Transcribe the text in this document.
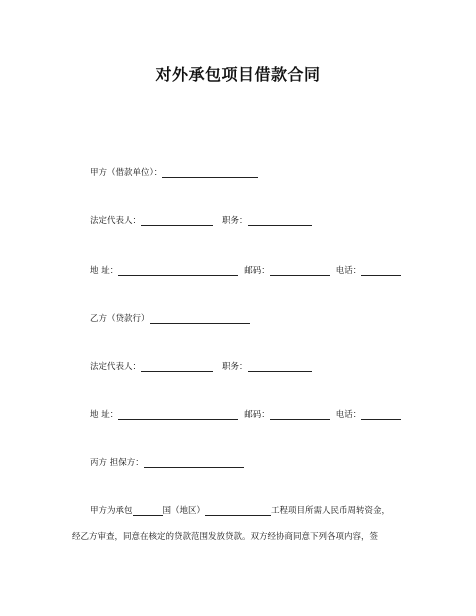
对外承包项目借款合同
甲方（借款单位）：
法定代表人：	职务：
地 址：	邮码：	电话：
乙方（贷款行）
法定代表人：	职务：
地 址：	邮码：	电话：
丙方 担保方：
甲方为承包	国（地区）	工程项目所需人民币周转资金，
经乙方审查，同意在核定的贷款范围发放贷款。双方经协商同意下列各项内容，签
